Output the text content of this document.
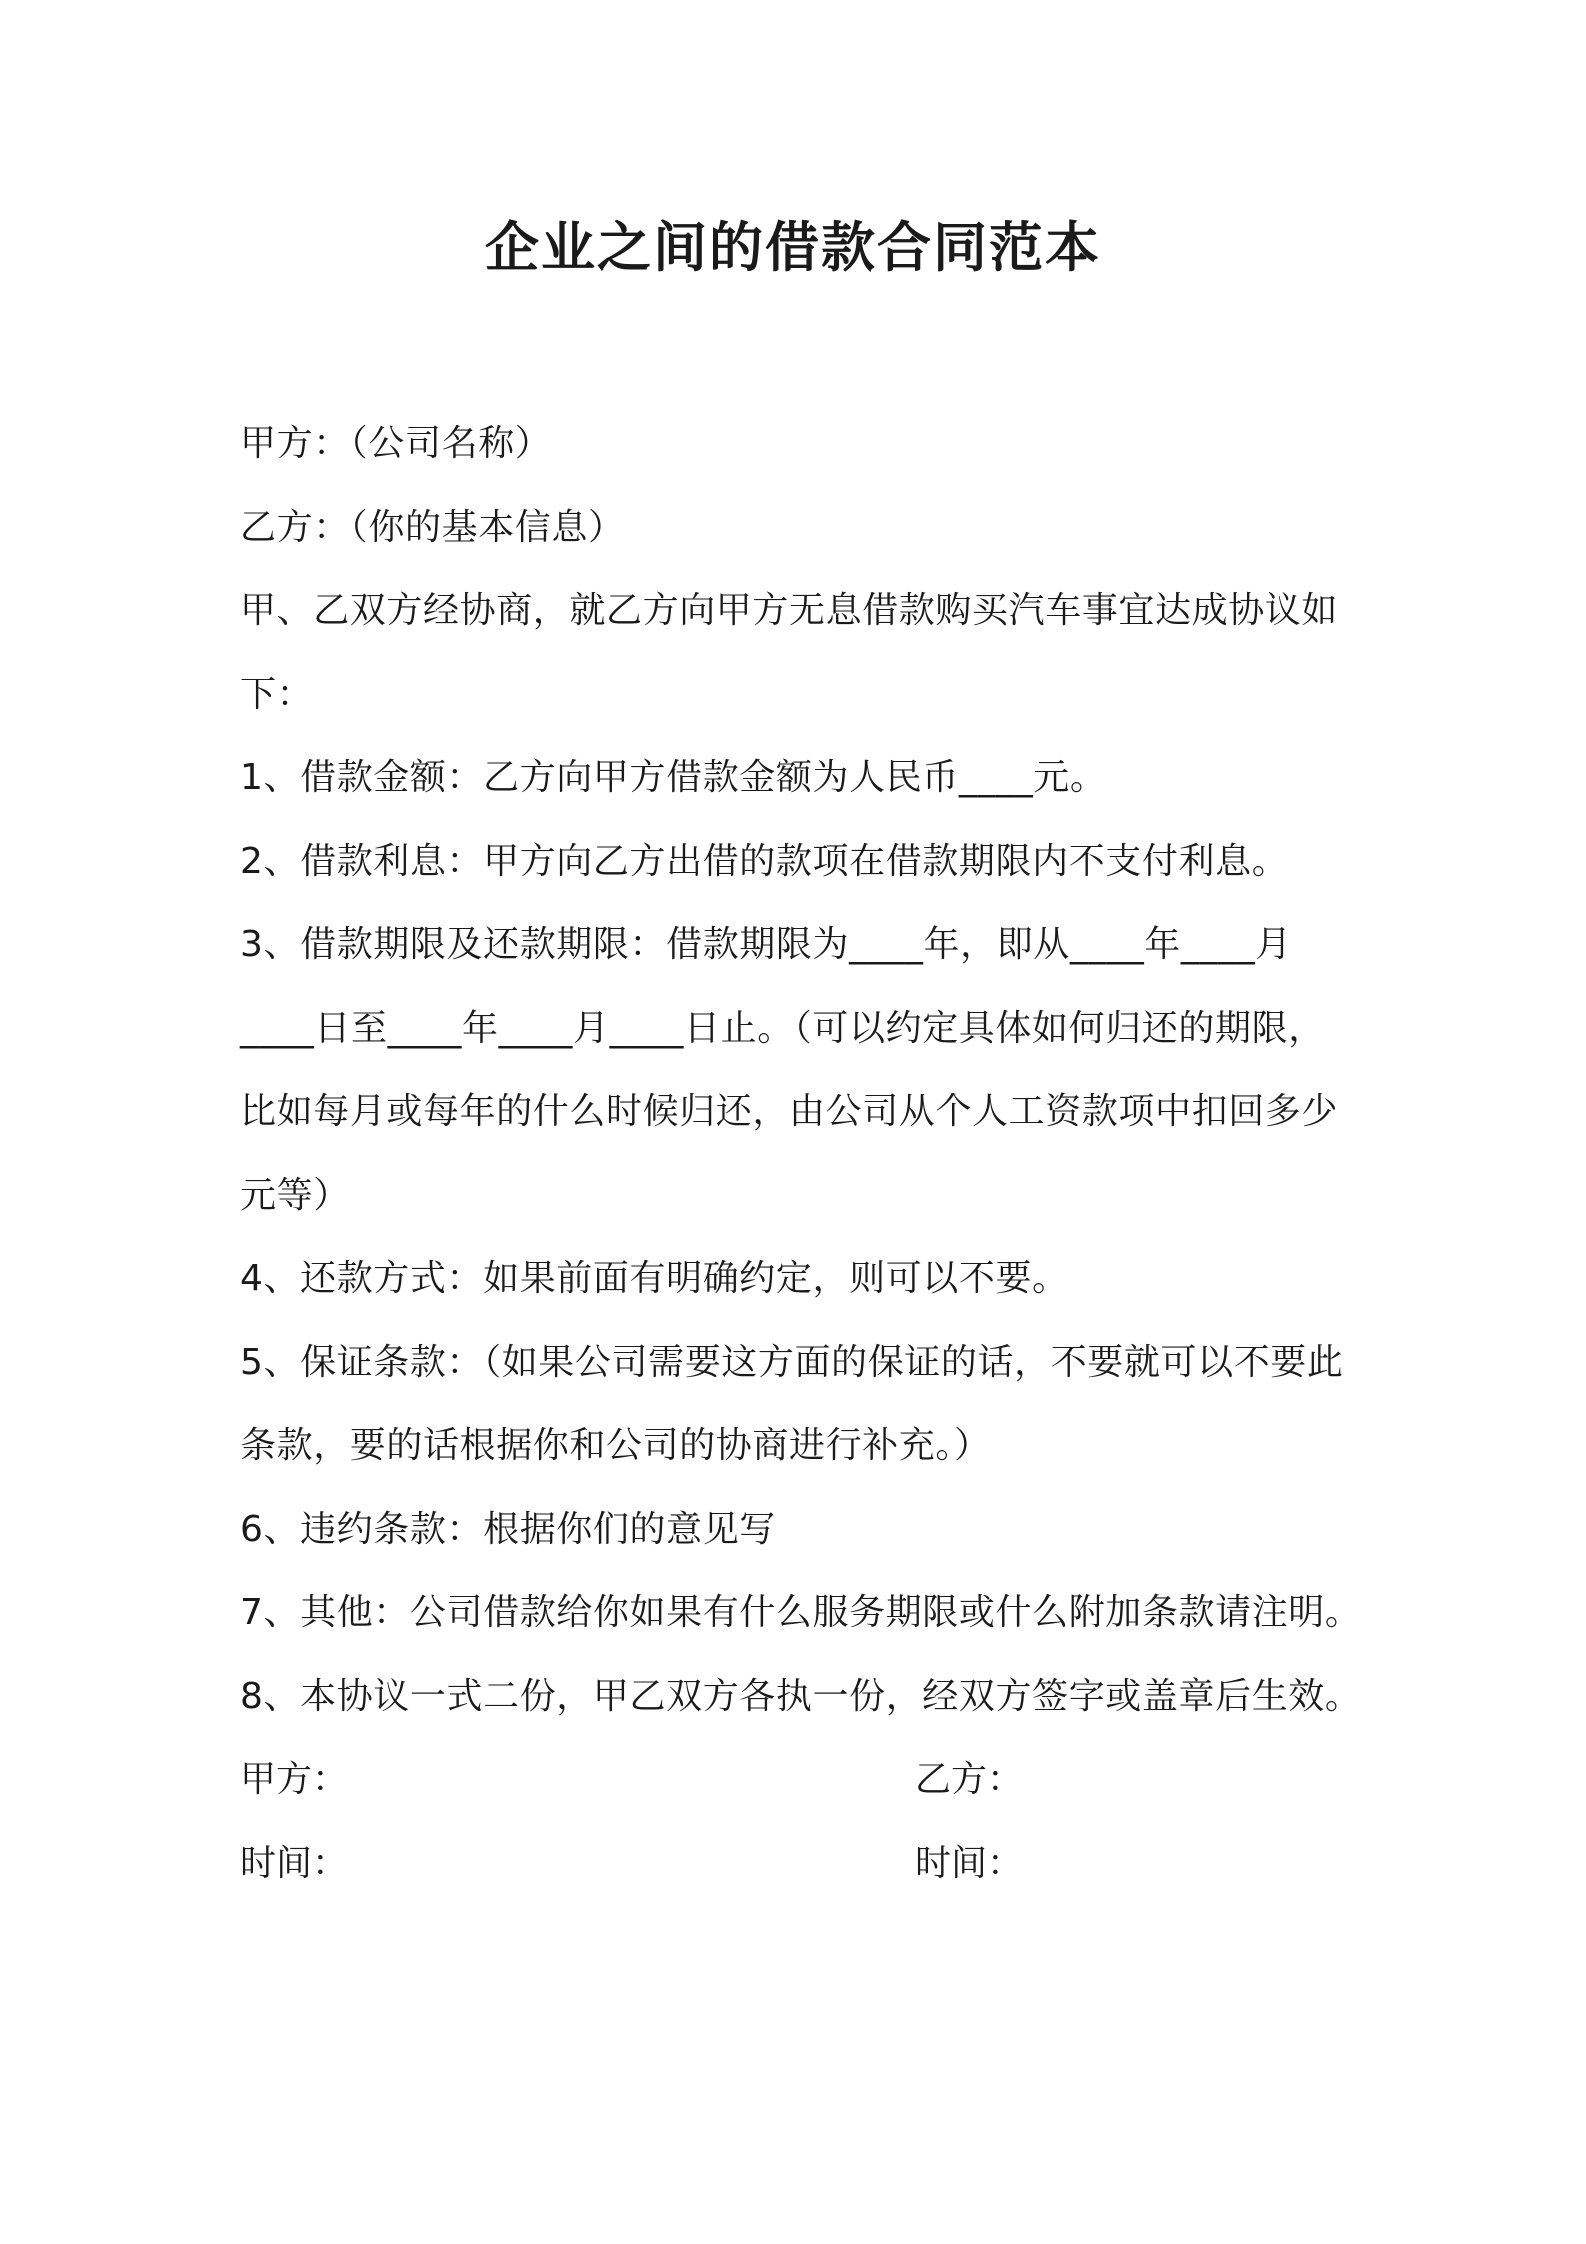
企业之间的借款合同范本
甲方：（公司名称）
乙方：（你的基本信息）
甲、乙双方经协商，就乙方向甲方无息借款购买汽车事宜达成协议如
下：
1、借款金额：乙方向甲方借款金额为人民币____元。
2、借款利息：甲方向乙方出借的款项在借款期限内不支付利息。
3、借款期限及还款期限：借款期限为____年，即从____年____月
____日至____年____月____日止。（可以约定具体如何归还的期限，
比如每月或每年的什么时候归还，由公司从个人工资款项中扣回多少
元等）
4、还款方式：如果前面有明确约定，则可以不要。
5、保证条款：（如果公司需要这方面的保证的话，不要就可以不要此
条款，要的话根据你和公司的协商进行补充。）
6、违约条款：根据你们的意见写
7、其他：公司借款给你如果有什么服务期限或什么附加条款请注明。
8、本协议一式二份，甲乙双方各执一份，经双方签字或盖章后生效。
甲方：	乙方：
时间：	时间：
